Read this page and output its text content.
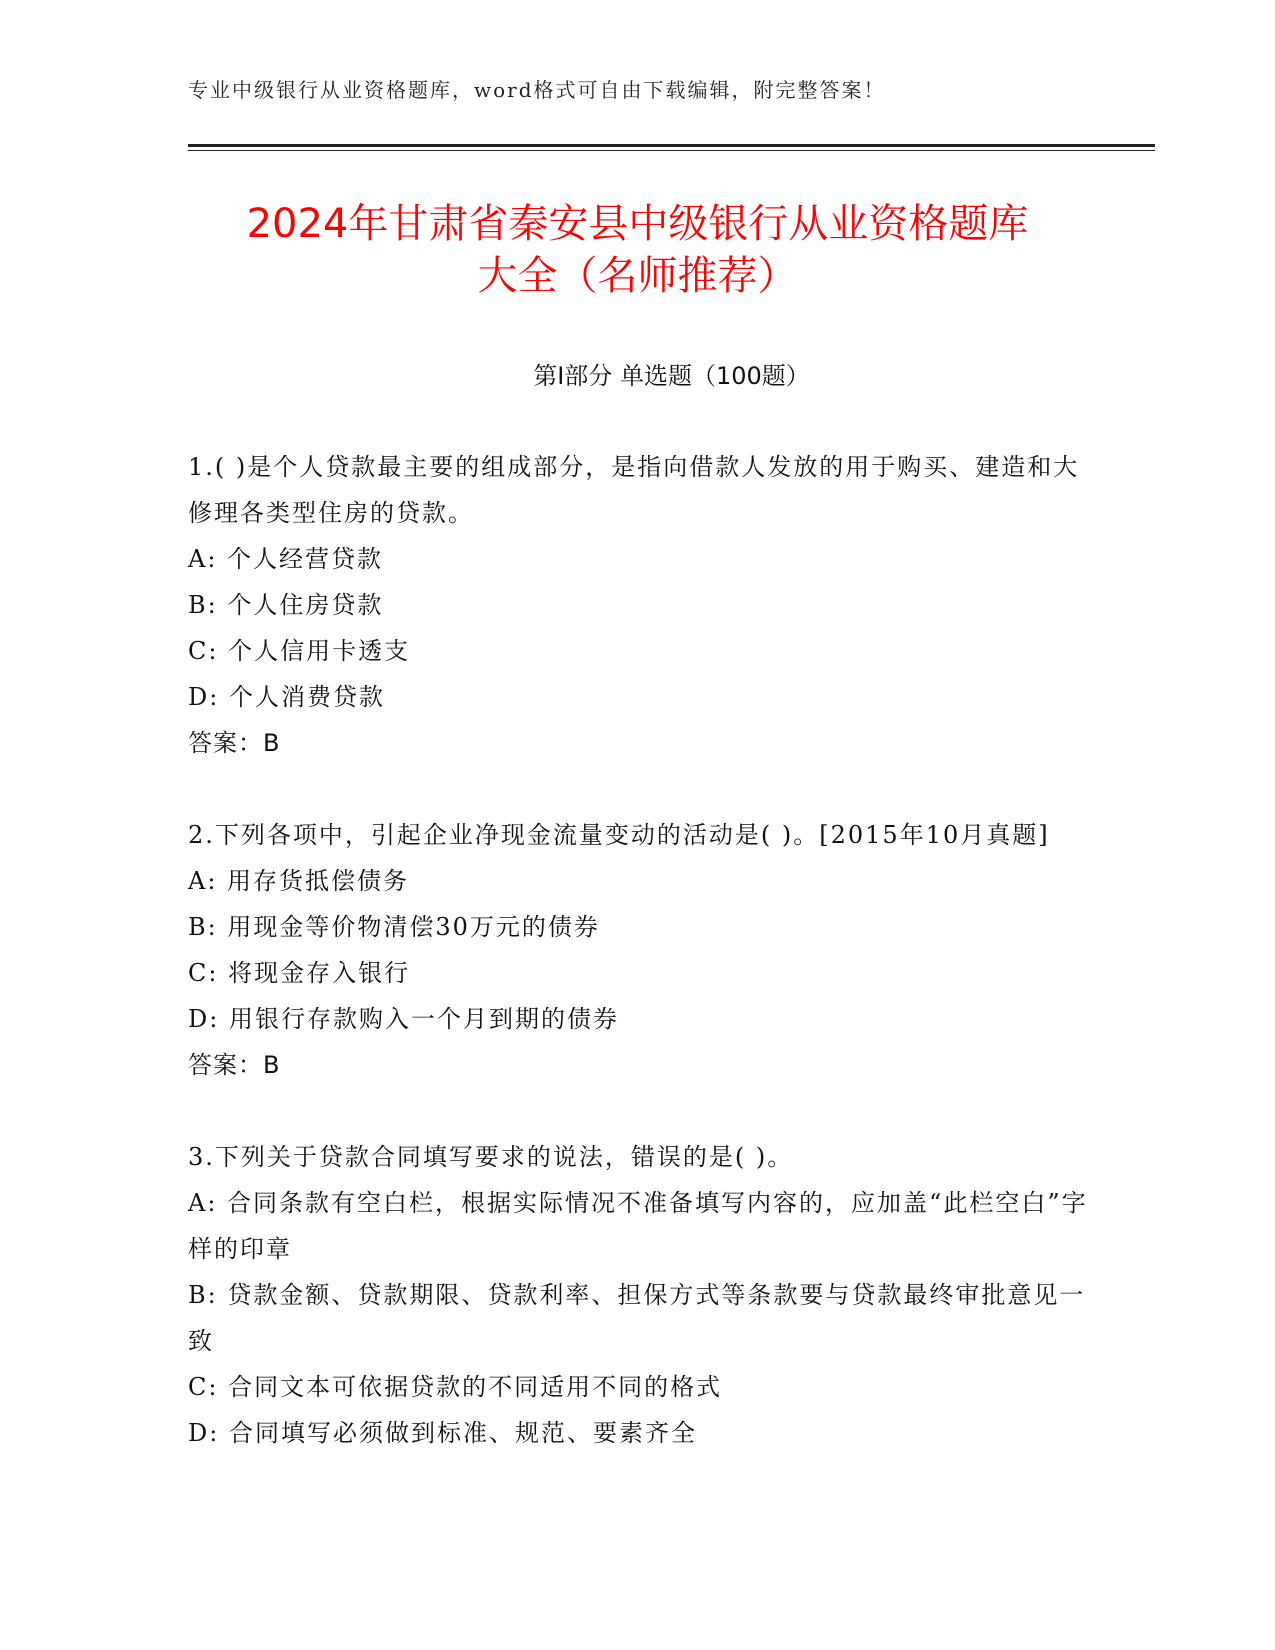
专业中级银行从业资格题库，word格式可自由下载编辑，附完整答案！
2024年甘肃省秦安县中级银行从业资格题库
大全（名师推荐）
第Ⅰ部分 单选题（100题）

1.( )是个人贷款最主要的组成部分，是指向借款人发放的用于购买、建造和大修理各类型住房的贷款。

A: 个人经营贷款
B: 个人住房贷款
C: 个人信用卡透支
D: 个人消费贷款
答案：B

2.下列各项中，引起企业净现金流量变动的活动是( )。[2015年10月真题]

A: 用存货抵偿债务
B: 用现金等价物清偿30万元的债券
C: 将现金存入银行
D: 用银行存款购入一个月到期的债券
答案：B

3.下列关于贷款合同填写要求的说法，错误的是( )。

A: 合同条款有空白栏，根据实际情况不准备填写内容的，应加盖“此栏空白”字样的印章
B: 贷款金额、贷款期限、贷款利率、担保方式等条款要与贷款最终审批意见一致
C: 合同文本可依据贷款的不同适用不同的格式
D: 合同填写必须做到标准、规范、要素齐全
